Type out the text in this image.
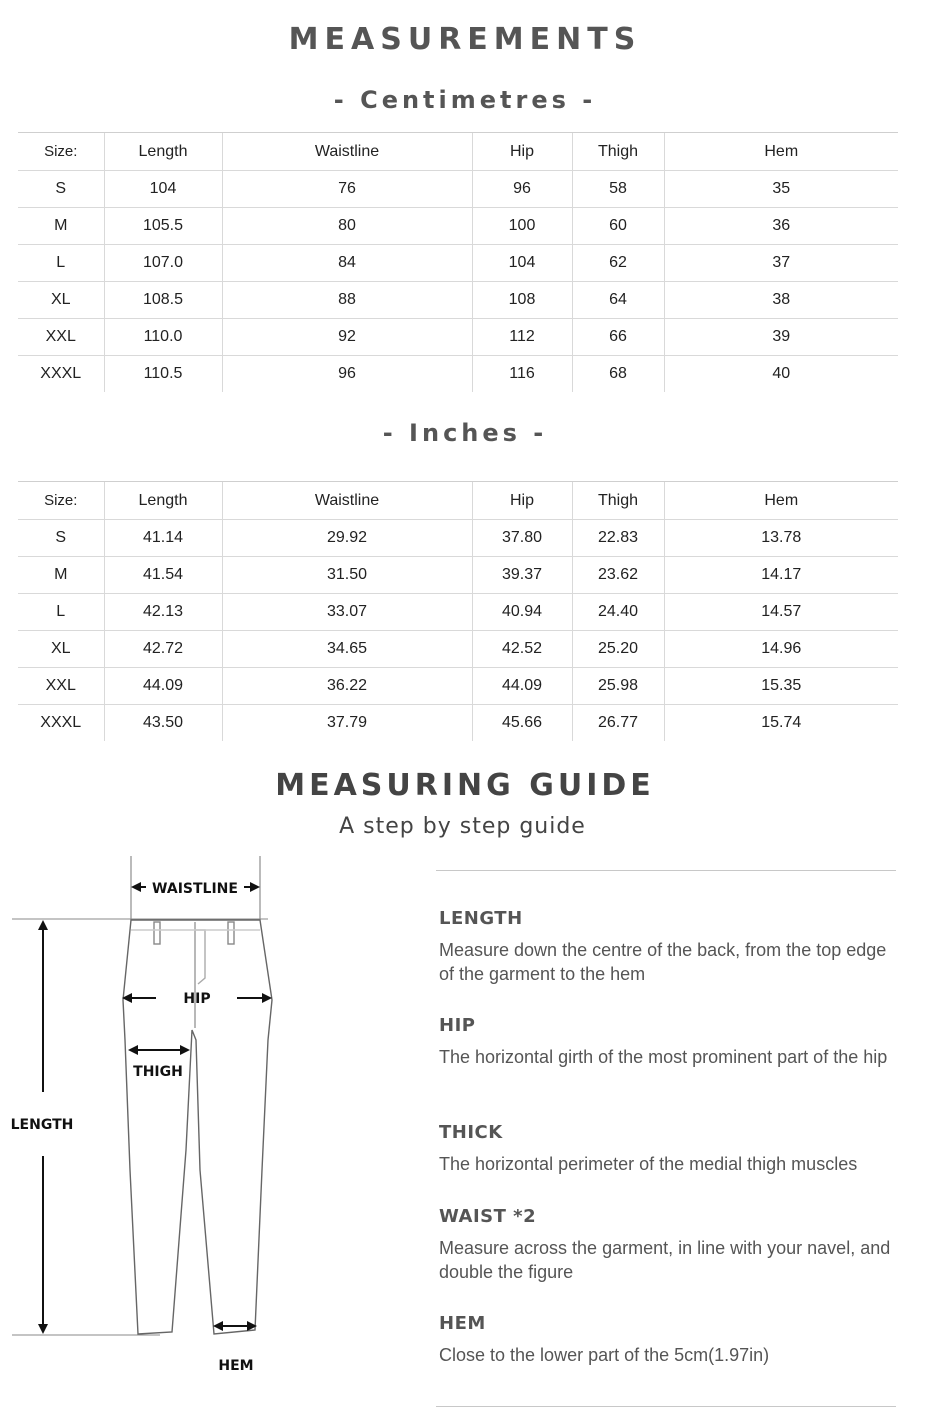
MEASUREMENTS
- Centimetres -
Size:	Length	Waistline	Hip	Thigh	Hem
S	104	76	96	58	35
M	105.5	80	100	60	36
L	107.0	84	104	62	37
XL	108.5	88	108	64	38
XXL	110.0	92	112	66	39
XXXL	110.5	96	116	68	40
- Inches -
Size:	Length	Waistline	Hip	Thigh	Hem
S	41.14	29.92	37.80	22.83	13.78
M	41.54	31.50	39.37	23.62	14.17
L	42.13	33.07	40.94	24.40	14.57
XL	42.72	34.65	42.52	25.20	14.96
XXL	44.09	36.22	44.09	25.98	15.35
XXXL	43.50	37.79	45.66	26.77	15.74
MEASURING GUIDE
A step by step guide
WAISTLINE
HIP
THIGH
LENGTH
HEM
LENGTH
Measure down the centre of the back, from the top edge of the garment to the hem
HIP
The horizontal girth of the most prominent part of the hip
THICK
The horizontal perimeter of the medial thigh muscles
WAIST *2
Measure across the garment, in line with your navel, and double the figure
HEM
Close to the lower part of the 5cm(1.97in)
